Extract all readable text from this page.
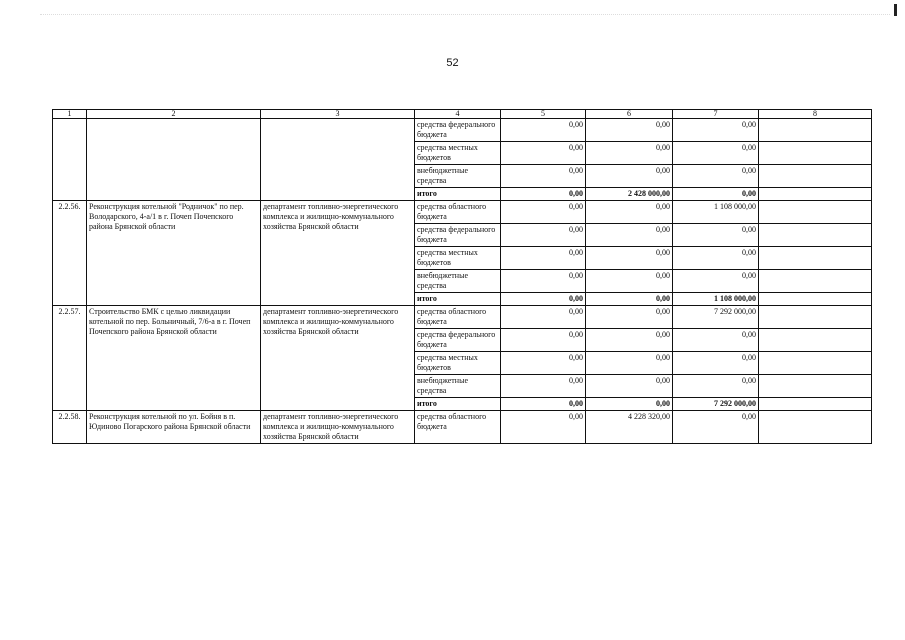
52
1	2	3	4	5	6	7	8
			средства федерального бюджета	0,00	0,00	0,00	
			средства местных бюджетов	0,00	0,00	0,00	
			внебюджетные средства	0,00	0,00	0,00	
			итого	0,00	2 428 000,00	0,00	
2.2.56.	Реконструкция котельной "Родничок" по пер. Володарского, 4-а/1 в г. Почеп Почепского района Брянской области	департамент топливно-энергетического комплекса и жилищно-коммунального хозяйства Брянской области	средства областного бюджета	0,00	0,00	1 108 000,00	
			средства федерального бюджета	0,00	0,00	0,00	
			средства местных бюджетов	0,00	0,00	0,00	
			внебюджетные средства	0,00	0,00	0,00	
			итого	0,00	0,00	1 108 000,00	
2.2.57.	Строительство БМК с целью ликвидации котельной по пер. Больничный, 7/6-а в г. Почеп Почепского района Брянской области	департамент топливно-энергетического комплекса и жилищно-коммунального хозяйства Брянской области	средства областного бюджета	0,00	0,00	7 292 000,00	
			средства федерального бюджета	0,00	0,00	0,00	
			средства местных бюджетов	0,00	0,00	0,00	
			внебюджетные средства	0,00	0,00	0,00	
			итого	0,00	0,00	7 292 000,00	
2.2.58.	Реконструкция котельной по ул. Бойня в п. Юдиново Погарского района Брянской области	департамент топливно-энергетического комплекса и жилищно-коммунального хозяйства Брянской области	средства областного бюджета	0,00	4 228 320,00	0,00	
